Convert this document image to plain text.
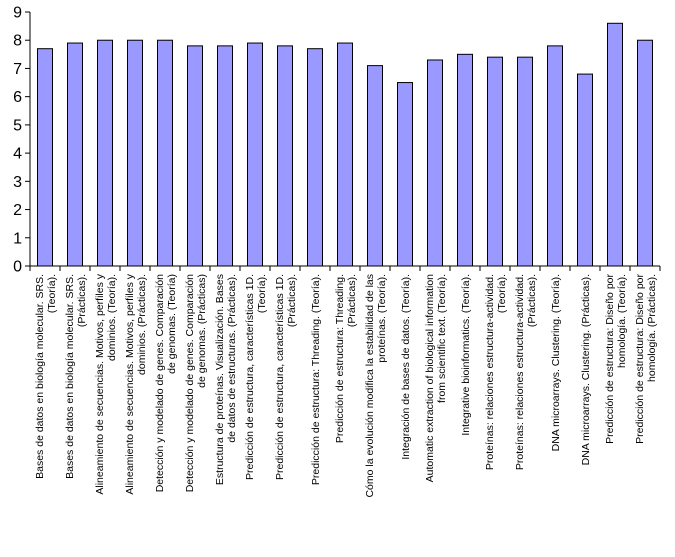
0
1
2
3
4
5
6
7
8
9
Bases de datos en biología molecular. SRS.(Teoría). Bases de datos en biología molecular. SRS.(Prácticas). Alineamiento de secuencias. Motivos, perfiles ydominios. (Teoría). Alineamiento de secuencias. Motivos, perfiles ydominios. (Prácticas). Detección y modelado de genes. Comparaciónde genomas. (Teoría) Detección y modelado de genes. Comparaciónde genomas. (Prácticas) Estructura de proteínas. Visualización. Basesde datos de estructuras. (Prácticas). Predicción de estructura, características 1D.(Teoría). Predicción de estructura, características 1D.(Prácticas). Predicción de estructura: Threading. (Teoría). Predicción de estructura: Threading.(Prácticas). Cómo la evolución modifica la estabilidad de lasproteínas. (Teoría). Integración de bases de datos. (Teoría). Automatic extraction of biological informationfrom scientific text. (Teoría). Integrative bioinformatics. (Teoría). Proteínas: relaciones estructura-actividad.(Teoría). Proteínas: relaciones estructura-actividad.(Prácticas). DNA microarrays. Clustering. (Teoría). DNA microarrays. Clustering. (Prácticas). Predicción de estructura: Diseño porhomología. (Teoría). Predicción de estructura: Diseño porhomología. (Prácticas).
